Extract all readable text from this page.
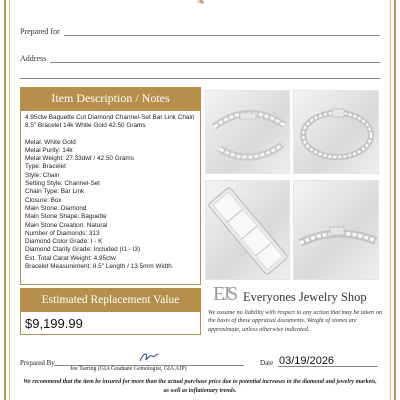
❧
Prepared for
Address
Item Description / Notes
4.95ctw Baguette Cut Diamond Channel-Set Bar Link Chain 8.5" Bracelet 14k White Gold 42.50 Grams
Metal: White Gold
Metal Purity: 14k
Metal Weight: 27.33dwt / 42.50 Grams
Type: Bracelet
Style: Chain
Setting Style: Channel-Set
Chain Type: Bar Link
Closure: Box
Main Stone: Diamond
Main Stone Shape: Baguette
Main Stone Creation: Natural
Number of Diamonds: 313
Diamond Color Grade: I - K
Diamond Clarity Grade: Included (I1 - I3)
Est. Total Carat Weight: 4.95ctw
Bracelet Measurement: 8.5" Length / 13.5mm Width
Estimated Replacement Value
$9,199.99
EJS Everyones Jewelry Shop
We assume no liability with respect to any action that may be taken on the basis of these appraisal documents. Weight of stones are approximate, unless otherwise indicated.
Prepared By
Joe Tsering (GIA Graduate Gemologist, GIA AJP)
Date 03/19/2026
We recommend that the item be insured for more than the actual purchase price due to potential increases in the diamond and jewelry markets, as well as inflationary trends.
